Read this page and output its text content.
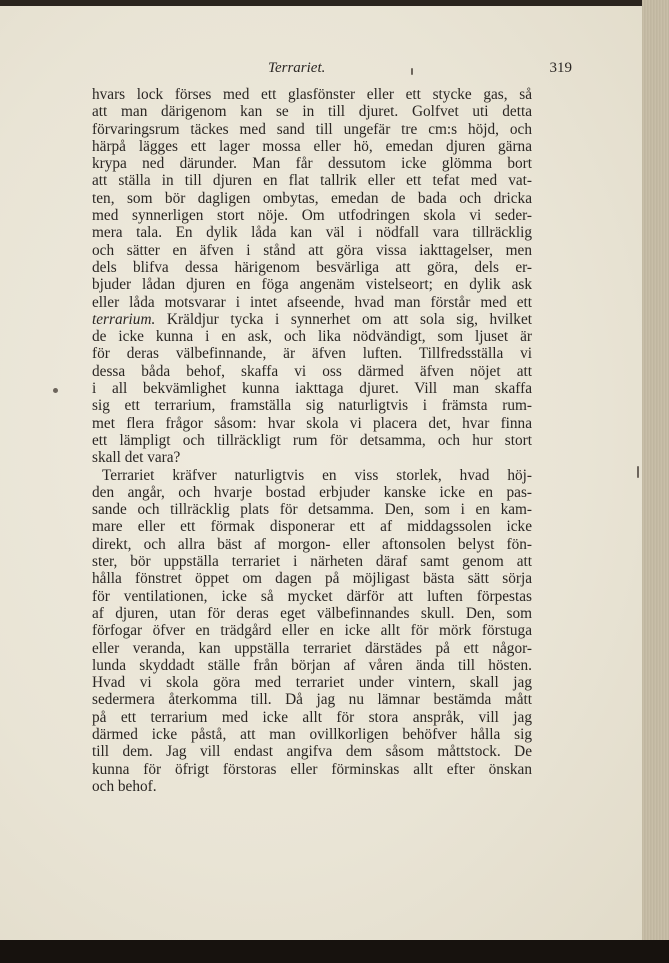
Terrariet.	319
hvars lock förses med ett glasfönster eller ett stycke gas, så
att man därigenom kan se in till djuret. Golfvet uti detta
förvaringsrum täckes med sand till ungefär tre cm:s höjd, och
härpå lägges ett lager mossa eller hö, emedan djuren gärna
krypa ned därunder. Man får dessutom icke glömma bort
att ställa in till djuren en flat tallrik eller ett tefat med vat-
ten, som bör dagligen ombytas, emedan de bada och dricka
med synnerligen stort nöje. Om utfodringen skola vi seder-
mera tala. En dylik låda kan väl i nödfall vara tillräcklig
och sätter en äfven i stånd att göra vissa iakttagelser, men
dels blifva dessa härigenom besvärliga att göra, dels er-
bjuder lådan djuren en föga angenäm vistelseort; en dylik ask
eller låda motsvarar i intet afseende, hvad man förstår med ett
terrarium. Kräldjur tycka i synnerhet om att sola sig, hvilket
de icke kunna i en ask, och lika nödvändigt, som ljuset är
för deras välbefinnande, är äfven luften. Tillfredsställa vi
dessa båda behof, skaffa vi oss därmed äfven nöjet att
i all bekvämlighet kunna iakttaga djuret. Vill man skaffa
sig ett terrarium, framställa sig naturligtvis i främsta rum-
met flera frågor såsom: hvar skola vi placera det, hvar finna
ett lämpligt och tillräckligt rum för detsamma, och hur stort
skall det vara?
Terrariet kräfver naturligtvis en viss storlek, hvad höj-
den angår, och hvarje bostad erbjuder kanske icke en pas-
sande och tillräcklig plats för detsamma. Den, som i en kam-
mare eller ett förmak disponerar ett af middagssolen icke
direkt, och allra bäst af morgon- eller aftonsolen belyst fön-
ster, bör uppställa terrariet i närheten däraf samt genom att
hålla fönstret öppet om dagen på möjligast bästa sätt sörja
för ventilationen, icke så mycket därför att luften förpestas
af djuren, utan för deras eget välbefinnandes skull. Den, som
förfogar öfver en trädgård eller en icke allt för mörk förstuga
eller veranda, kan uppställa terrariet därstädes på ett någor-
lunda skyddadt ställe från början af våren ända till hösten.
Hvad vi skola göra med terrariet under vintern, skall jag
sedermera återkomma till. Då jag nu lämnar bestämda mått
på ett terrarium med icke allt för stora anspråk, vill jag
därmed icke påstå, att man ovillkorligen behöfver hålla sig
till dem. Jag vill endast angifva dem såsom måttstock. De
kunna för öfrigt förstoras eller förminskas allt efter önskan
och behof.
